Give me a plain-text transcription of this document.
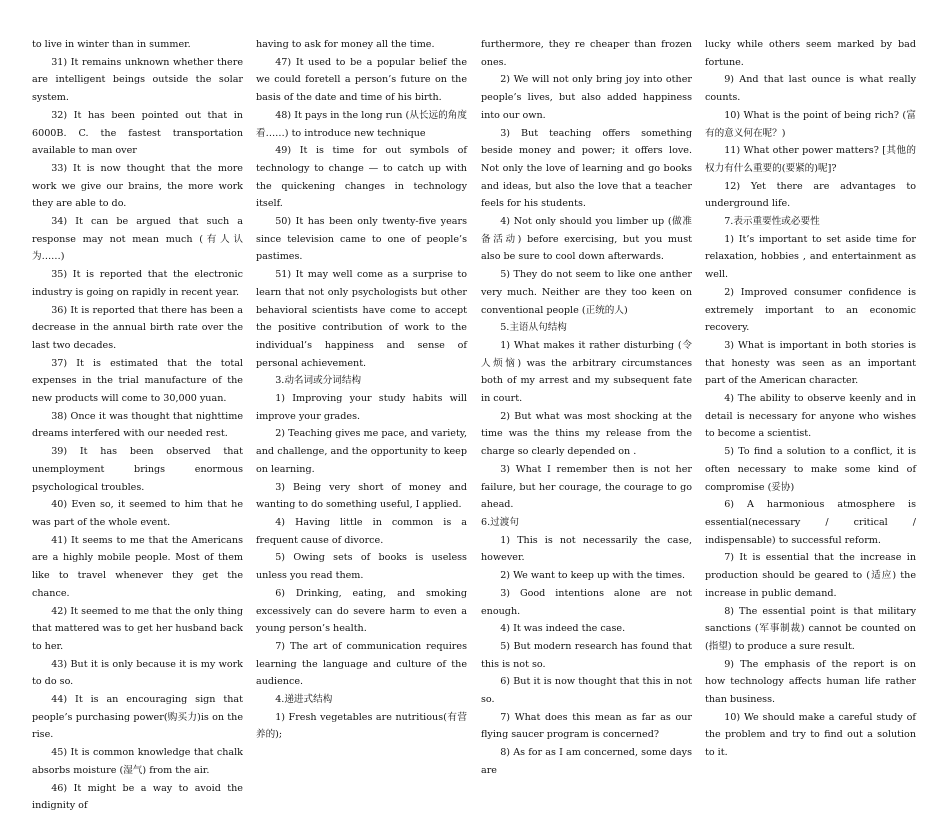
to live in winter than in summer.

31) It remains unknown whether there are intelligent beings outside the solar system.

32) It has been pointed out that in 6000B. C. the fastest transportation available to man over

33) It is now thought that the more work we give our brains, the more work they are able to do.

34) It can be argued that such a response may not mean much (有人认为……)

35) It is reported that the electronic industry is going on rapidly in recent year.

36) It is reported that there has been a decrease in the annual birth rate over the last two decades.

37) It is estimated that the total expenses in the trial manufacture of the new products will come to 30,000 yuan.

38) Once it was thought that nighttime dreams interfered with our needed rest.

39) It has been observed that unemployment brings enormous psychological troubles.

40) Even so, it seemed to him that he was part of the whole event.

41) It seems to me that the Americans are a highly mobile people. Most of them like to travel whenever they get the chance.

42) It seemed to me that the only thing that mattered was to get her husband back to her.

43) But it is only because it is my work to do so.

44) It is an encouraging sign that people’s purchasing power(购买力)is on the rise.

45) It is common knowledge that chalk absorbs moisture (湿气) from the air.

46) It might be a way to avoid the indignity of

having to ask for money all the time.

47) It used to be a popular belief the we could foretell a person’s future on the basis of the date and time of his birth.

48) It pays in the long run (从长远的角度看……) to introduce new technique

49) It is time for out symbols of technology to change — to catch up with the quickening changes in technology itself.

50) It has been only twenty-five years since television came to one of people’s pastimes.

51) It may well come as a surprise to learn that not only psychologists but other behavioral scientists have come to accept the positive contribution of work to the individual’s happiness and sense of personal achievement.

3.动名词或分词结构

1) Improving your study habits will improve your grades.

2) Teaching gives me pace, and variety, and challenge, and the opportunity to keep on learning.

3) Being very short of money and wanting to do something useful, I applied.

4) Having little in common is a frequent cause of divorce.

5) Owing sets of books is useless unless you read them.

6) Drinking, eating, and smoking excessively can do severe harm to even a young person’s health.

7) The art of communication requires learning the language and culture of the audience.

4.递进式结构

1) Fresh vegetables are nutritious(有营养的);

furthermore, they re cheaper than frozen ones.

2) We will not only bring joy into other people’s lives, but also added happiness into our own.

3) But teaching offers something beside money and power; it offers love. Not only the love of learning and go books and ideas, but also the love that a teacher feels for his students.

4) Not only should you limber up (做准备活动) before exercising, but you must also be sure to cool down afterwards.

5) They do not seem to like one anther very much. Neither are they too keen on conventional people (正统的人)

5.主语从句结构

1) What makes it rather disturbing (令人烦恼) was the arbitrary circumstances both of my arrest and my subsequent fate in court.

2) But what was most shocking at the time was the thins my release from the charge so clearly depended on .

3) What I remember then is not her failure, but her courage, the courage to go ahead.

6.过渡句

1) This is not necessarily the case, however.

2) We want to keep up with the times.

3) Good intentions alone are not enough.

4) It was indeed the case.

5) But modern research has found that this is not so.

6) But it is now thought that this in not so.

7) What does this mean as far as our flying saucer program is concerned?

8) As for as I am concerned, some days are

lucky while others seem marked by bad fortune.

9) And that last ounce is what really counts.

10) What is the point of being rich? (富有的意义何在呢？)

11) What other power matters? [其他的权力有什么重要的(要紧的)呢]?

12) Yet there are advantages to underground life.

7.表示重要性或必要性

1) It’s important to set aside time for relaxation, hobbies , and entertainment as well.

2) Improved consumer confidence is extremely important to an economic recovery.

3) What is important in both stories is that honesty was seen as an important part of the American character.

4) The ability to observe keenly and in detail is necessary for anyone who wishes to become a scientist.

5) To find a solution to a conflict, it is often necessary to make some kind of compromise (妥协)

6) A harmonious atmosphere is essential(necessary / critical / indispensable) to successful reform.

7) It is essential that the increase in production should be geared to (适应) the increase in public demand.

8) The essential point is that military sanctions (军事制裁) cannot be counted on (指望) to produce a sure result.

9) The emphasis of the report is on how technology affects human life rather than business.

10) We should make a careful study of the problem and try to find out a solution to it.
